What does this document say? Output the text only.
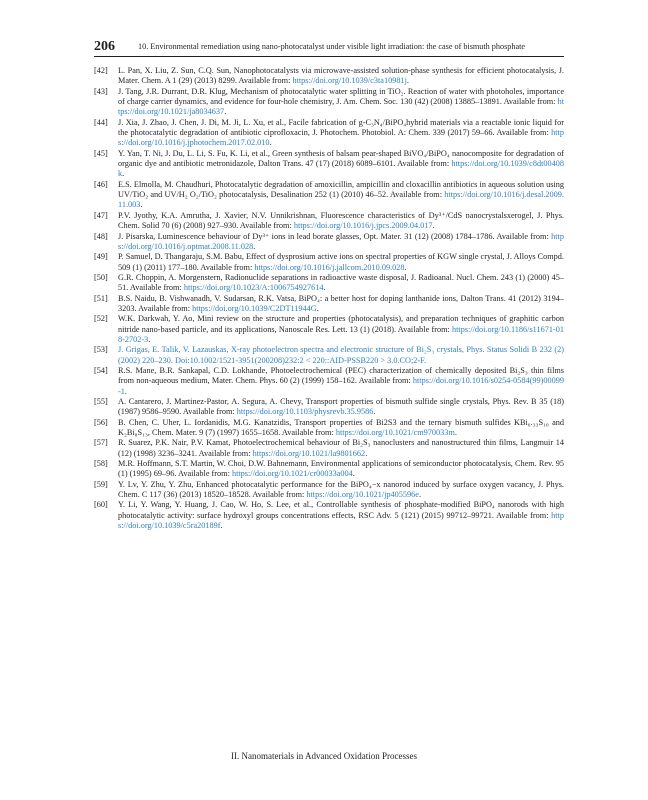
206	10. Environmental remediation using nano-photocatalyst under visible light irradiation: the case of bismuth phosphate
[42] L. Pan, X. Liu, Z. Sun, C.Q. Sun, Nanophotocatalysts via microwave-assisted solution-phase synthesis for efficient photocatalysis, J. Mater. Chem. A 1 (29) (2013) 8299. Available from: https://doi.org/10.1039/c3ta10981j.
[43] J. Tang, J.R. Durrant, D.R. Klug, Mechanism of photocatalytic water splitting in TiO₂. Reaction of water with photoholes, importance of charge carrier dynamics, and evidence for four-hole chemistry, J. Am. Chem. Soc. 130 (42) (2008) 13885–13891. Available from: https://doi.org/10.1021/ja8034637.
[44] J. Xia, J. Zhao, J. Chen, J. Di, M. Ji, L. Xu, et al., Facile fabrication of g-C₃N₄/BiPO₄hybrid materials via a reactable ionic liquid for the photocatalytic degradation of antibiotic ciprofloxacin, J. Photochem. Photobiol. A: Chem. 339 (2017) 59–66. Available from: https://doi.org/10.1016/j.jphotochem.2017.02.010.
[45] Y. Yan, T. Ni, J. Du, L. Li, S. Fu, K. Li, et al., Green synthesis of balsam pear-shaped BiVO₄/BiPO₄ nanocomposite for degradation of organic dye and antibiotic metronidazole, Dalton Trans. 47 (17) (2018) 6089–6101. Available from: https://doi.org/10.1039/c8dt00408k.
[46] E.S. Elmolla, M. Chaudhuri, Photocatalytic degradation of amoxicillin, ampicillin and cloxacillin antibiotics in aqueous solution using UV/TiO₂ and UV/H₂ O₂/TiO₂ photocatalysis, Desalination 252 (1) (2010) 46–52. Available from: https://doi.org/10.1016/j.desal.2009.11.003.
[47] P.V. Jyothy, K.A. Amrutha, J. Xavier, N.V. Unnikrishnan, Fluorescence characteristics of Dy³⁺/CdS nanocrystalsxerogel, J. Phys. Chem. Solid 70 (6) (2008) 927–930. Available from: https://doi.org/10.1016/j.jpcs.2009.04.017.
[48] J. Pisarska, Luminescence behaviour of Dy³⁺ ions in lead borate glasses, Opt. Mater. 31 (12) (2008) 1784–1786. Available from: https://doi.org/10.1016/j.optmat.2008.11.028.
[49] P. Samuel, D. Thangaraju, S.M. Babu, Effect of dysprosium active ions on spectral properties of KGW single crystal, J. Alloys Compd. 509 (1) (2011) 177–180. Available from: https://doi.org/10.1016/j.jallcom.2010.09.028.
[50] G.R. Choppin, A. Morgenstern, Radionuclide separations in radioactive waste disposal, J. Radioanal. Nucl. Chem. 243 (1) (2000) 45–51. Available from: https://doi.org/10.1023/A:1006754927614.
[51] B.S. Naidu, B. Vishwanadh, V. Sudarsan, R.K. Vatsa, BiPO₄: a better host for doping lanthanide ions, Dalton Trans. 41 (2012) 3194–3203. Available from: https://doi.org/10.1039/C2DT11944G.
[52] W.K. Darkwah, Y. Ao, Mini review on the structure and properties (photocatalysis), and preparation techniques of graphitic carbon nitride nano-based particle, and its applications, Nanoscale Res. Lett. 13 (1) (2018). Available from: https://doi.org/10.1186/s11671-018-2702-3.
[53] J. Grigas, E. Talik, V. Lazauskas, X-ray photoelectron spectra and electronic structure of Bi₂S₃ crystals, Phys. Status Solidi B 232 (2) (2002) 220–230. Doi:10.1002/1521-3951(200208)232:2 < 220::AID-PSSB220 > 3.0.CO;2-F.
[54] R.S. Mane, B.R. Sankapal, C.D. Lokhande, Photoelectrochemical (PEC) characterization of chemically deposited Bi₂S₃ thin films from non-aqueous medium, Mater. Chem. Phys. 60 (2) (1999) 158–162. Available from: https://doi.org/10.1016/s0254-0584(99)00099-1.
[55] A. Cantarero, J. Martinez-Pastor, A. Segura, A. Chevy, Transport properties of bismuth sulfide single crystals, Phys. Rev. B 35 (18) (1987) 9586–9590. Available from: https://doi.org/10.1103/physrevb.35.9586.
[56] B. Chen, C. Uher, L. Iordanidis, M.G. Kanatzidis, Transport properties of Bi2S3 and the ternary bismuth sulfides KBi₆.₃₃S₁₀ and K₂Bi₈S₁₃, Chem. Mater. 9 (7) (1997) 1655–1658. Available from: https://doi.org/10.1021/cm970033m.
[57] R. Suarez, P.K. Nair, P.V. Kamat, Photoelectrochemical behaviour of Bi₂S₃ nanoclusters and nanostructured thin films, Langmuir 14 (12) (1998) 3236–3241. Available from: https://doi.org/10.1021/la9801662.
[58] M.R. Hoffmann, S.T. Martin, W. Choi, D.W. Bahnemann, Environmental applications of semiconductor photocatalysis, Chem. Rev. 95 (1) (1995) 69–96. Available from: https://doi.org/10.1021/cr00033a004.
[59] Y. Lv, Y. Zhu, Y. Zhu, Enhanced photocatalytic performance for the BiPO₄−x nanorod induced by surface oxygen vacancy, J. Phys. Chem. C 117 (36) (2013) 18520–18528. Available from: https://doi.org/10.1021/jp405596e.
[60] Y. Li, Y. Wang, Y. Huang, J. Cao, W. Ho, S. Lee, et al., Controllable synthesis of phosphate-modified BiPO₄ nanorods with high photocatalytic activity: surface hydroxyl groups concentrations effects, RSC Adv. 5 (121) (2015) 99712–99721. Available from: https://doi.org/10.1039/c5ra20189f.
II. Nanomaterials in Advanced Oxidation Processes
